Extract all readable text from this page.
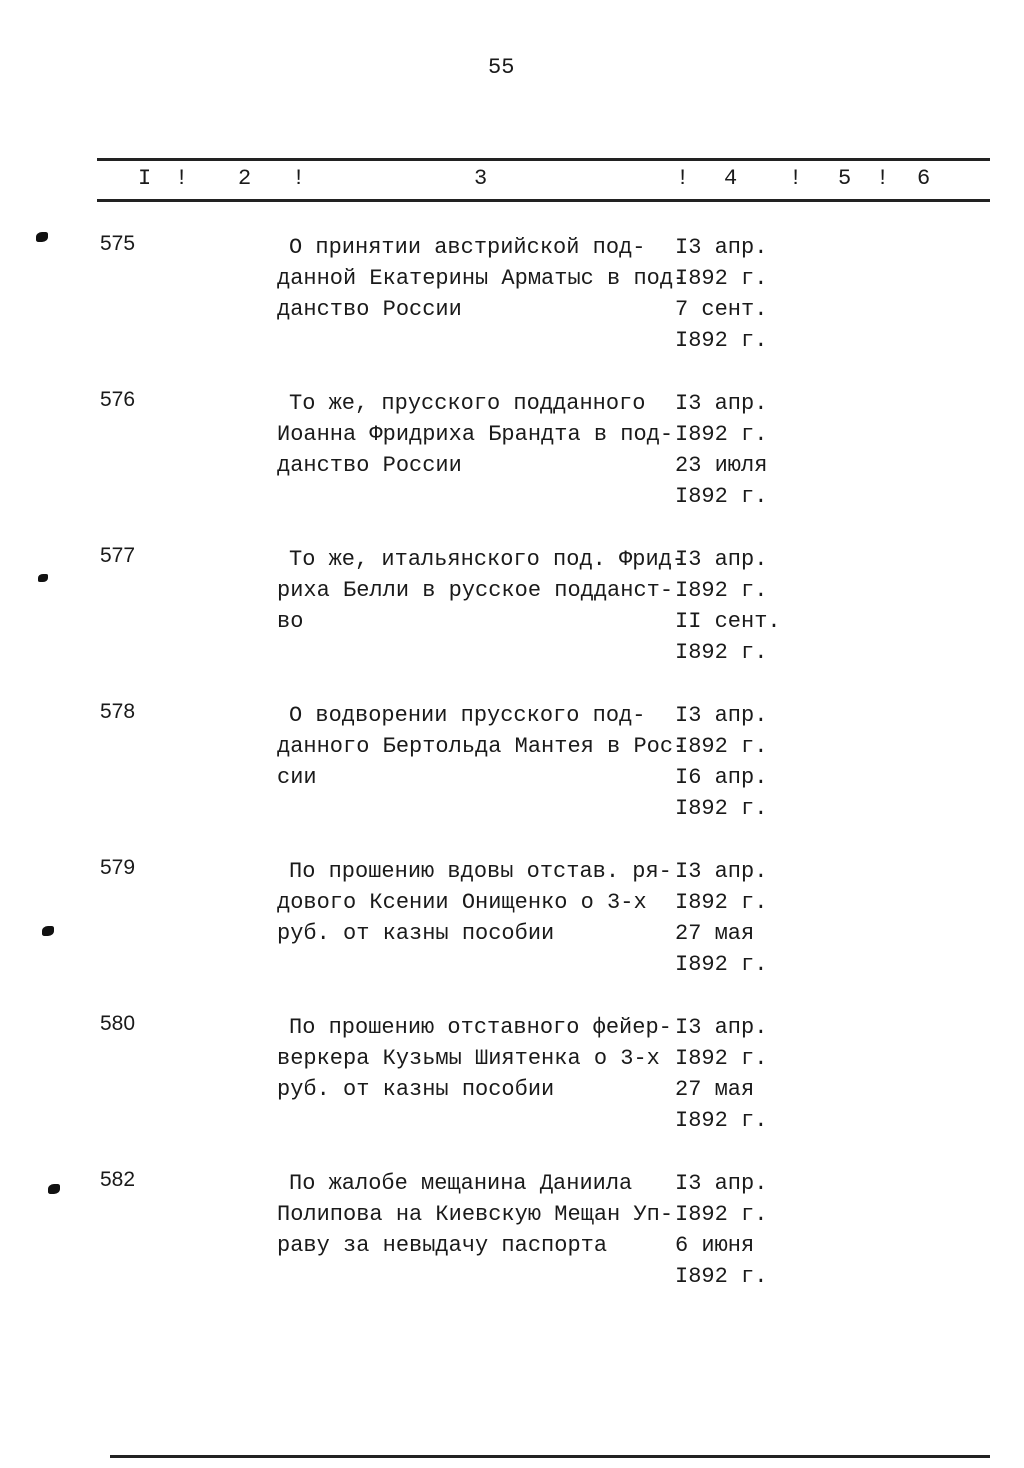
55
I ! 2 !	3	! 4 ! 5 ! 6
575	О принятии австрийской под-
данной Екатерины Арматыс в под-
данство России
I3 апр.
I892 г.
7 сент.
I892 г.
576	То же, прусского подданного
Иоанна Фридриха Брандта в под-
данство России
I3 апр.
I892 г.
23 июля
I892 г.
577	То же, итальянского под. Фрид-
риха Белли в русское подданст-
во
I3 апр.
I892 г.
II сент.
I892 г.
578	О водворении прусского под-
данного Бертольда Мантея в Рос-
сии
I3 апр.
I892 г.
I6 апр.
I892 г.
579	По прошению вдовы отстав. ря-
дового Ксении Онищенко о 3-х
руб. от казны пособии
I3 апр.
I892 г.
27 мая
I892 г.
580	По прошению отставного фейер-
веркера Кузьмы Шиятенка о 3-х
руб. от казны пособии
I3 апр.
I892 г.
27 мая
I892 г.
582	По жалобе мещанина Даниила
Полипова на Киевскую Мещан Уп-
раву за невыдачу паспорта
I3 апр.
I892 г.
6 июня
I892 г.
